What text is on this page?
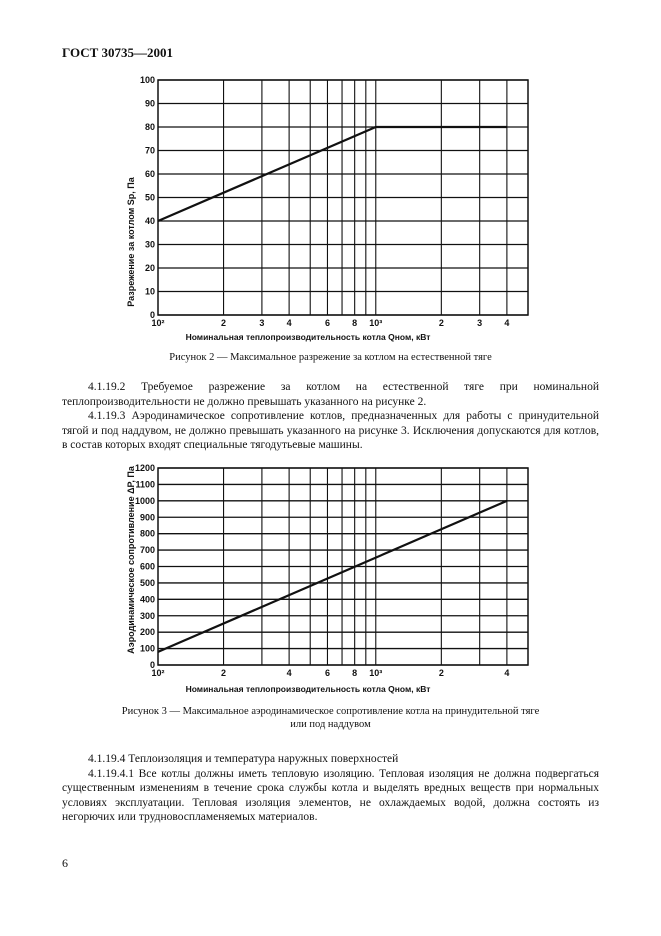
ГОСТ 30735—2001
0
10
20
30
40
50
60
70
80
90
100
10²	2	3 4	6 8 10³	2	3 4
Разрежение за котлом Sp, Па
Номинальная теплопроизводительность котла Qном, кВт
Рисунок 2 — Максимальное разрежение за котлом на естественной тяге

4.1.19.2 Требуемое разрежение за котлом на естественной тяге при номинальной теплопроизводительности не должно превышать указанного на рисунке 2.

4.1.19.3 Аэродинамическое сопротивление котлов, предназначенных для работы с принудительной тягой и под наддувом, не должно превышать указанного на рисунке 3. Исключения допускаются для котлов, в состав которых входят специальные тягодутьевые машины.

0
100
200
300
400
500
600
700
800
900
1000
1100
1200
10²	2	4	6 8 10³	2	4
Аэродинамическое сопротивление ΔP, Па
Номинальная теплопроизводительность котла Qном, кВт
Рисунок 3 — Максимальное аэродинамическое сопротивление котла на принудительной тяге
или под наддувом

4.1.19.4 Теплоизоляция и температура наружных поверхностей

4.1.19.4.1 Все котлы должны иметь тепловую изоляцию. Тепловая изоляция не должна подвергаться существенным изменениям в течение срока службы котла и выделять вредных веществ при нормальных условиях эксплуатации. Тепловая изоляция элементов, не охлаждаемых водой, должна состоять из негорючих или трудновоспламеняемых материалов.

6
